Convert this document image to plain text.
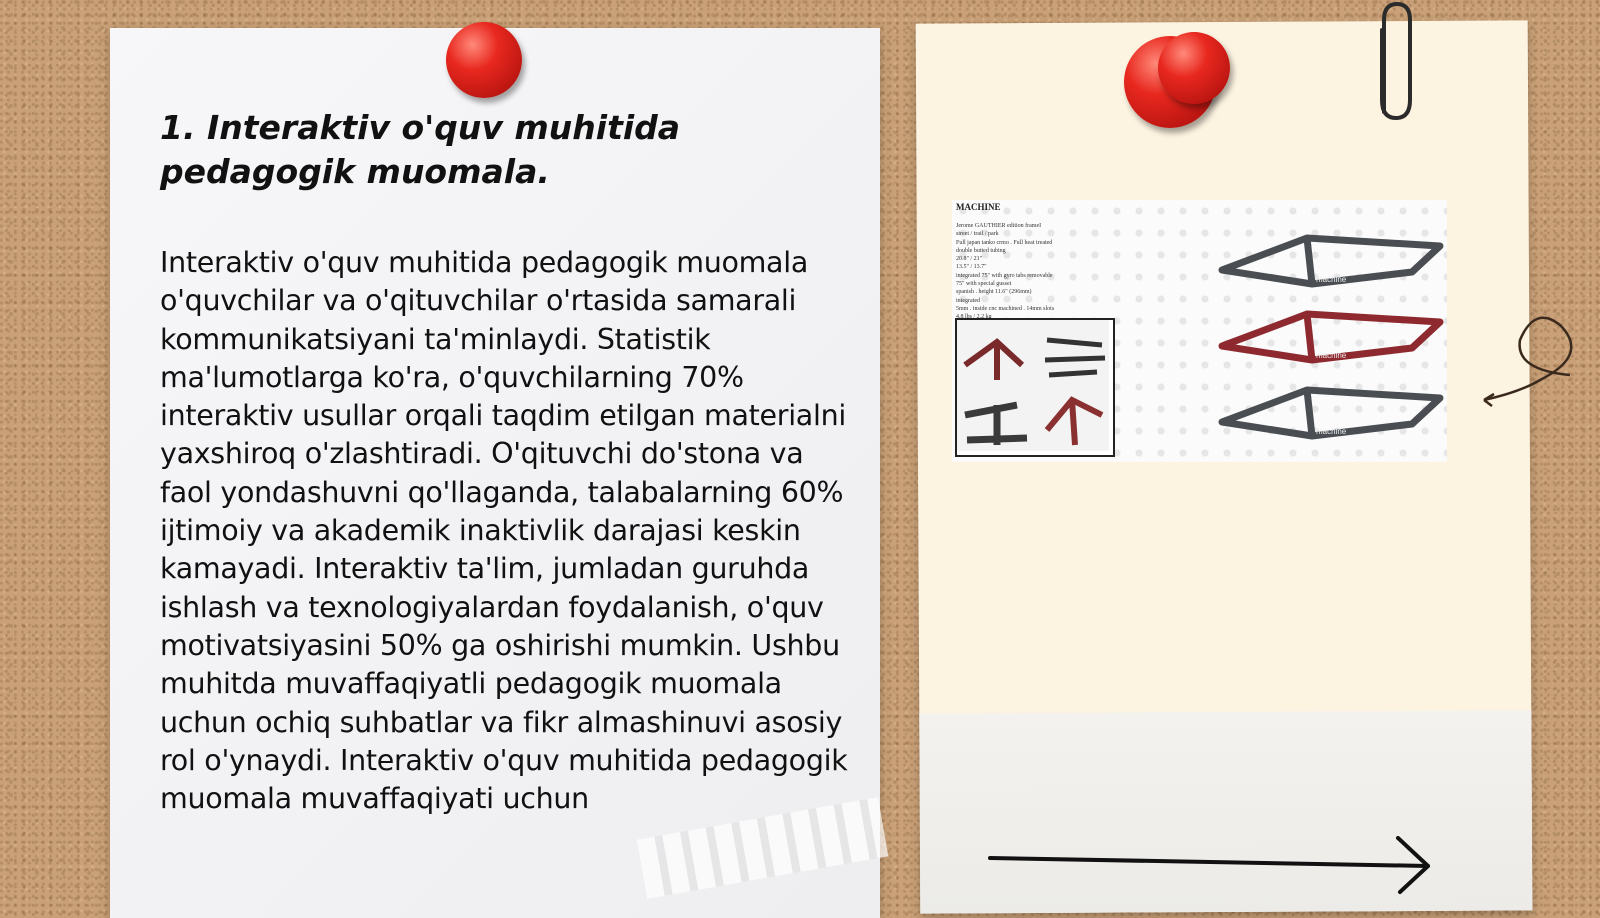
1. Interaktiv o'quv muhitida pedagogik muomala.

Interaktiv o'quv muhitida pedagogik muomala o'quvchilar va o'qituvchilar o'rtasida samarali kommunikatsiyani ta'minlaydi. Statistik ma'lumotlarga ko'ra, o'quvchilarning 70% interaktiv usullar orqali taqdim etilgan materialni yaxshiroq o'zlashtiradi. O'qituvchi do'stona va faol yondashuvni qo'llaganda, talabalarning 60% ijtimoiy va akademik inaktivlik darajasi keskin kamayadi. Interaktiv ta'lim, jumladan guruhda ishlash va texnologiyalardan foydalanish, o'quv motivatsiyasini 50% ga oshirishi mumkin. Ushbu muhitda muvaffaqiyatli pedagogik muomala uchun ochiq suhbatlar va fikr almashinuvi asosiy rol o'ynaydi. Interaktiv o'quv muhitida pedagogik muomala muvaffaqiyati uchun

MACHINE
Jerome GAUTHIER edition frameI
street / trail / park
Full japan tanko crmo . Full heat treated
double butted tubing
20.8" / 21"
13.5" / 13.7"
integrated 75" with gyro tabs removable
75" with special gusset
spanish . height 11.6" (296mm)
integrated
5mm . inside cnc machined . 14mm slots
machine
machine
machine
